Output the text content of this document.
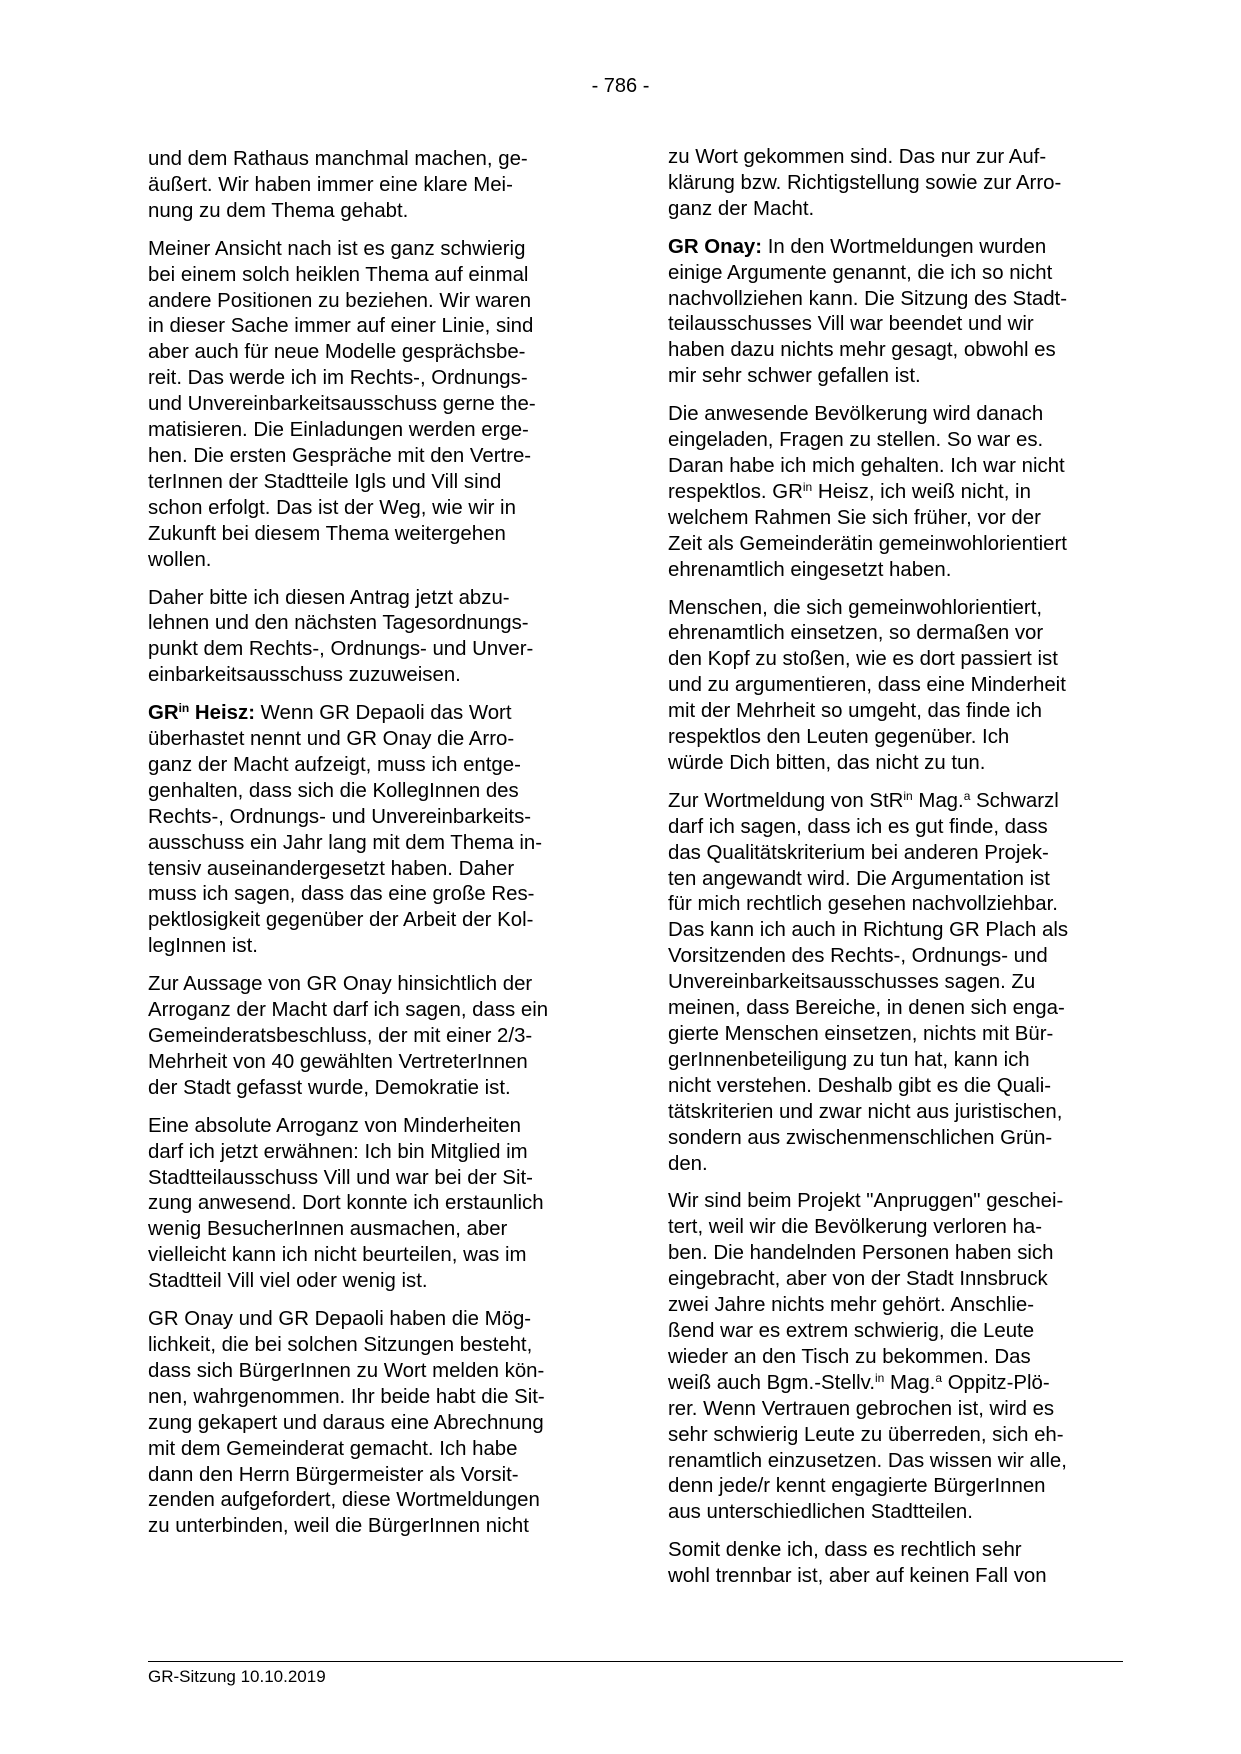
- 786 -

und dem Rathaus manchmal machen, ge-
äußert. Wir haben immer eine klare Mei-
nung zu dem Thema gehabt.

Meiner Ansicht nach ist es ganz schwierig
bei einem solch heiklen Thema auf einmal
andere Positionen zu beziehen. Wir waren
in dieser Sache immer auf einer Linie, sind
aber auch für neue Modelle gesprächsbe-
reit. Das werde ich im Rechts-, Ordnungs-
und Unvereinbarkeitsausschuss gerne the-
matisieren. Die Einladungen werden erge-
hen. Die ersten Gespräche mit den Vertre-
terInnen der Stadtteile Igls und Vill sind
schon erfolgt. Das ist der Weg, wie wir in
Zukunft bei diesem Thema weitergehen
wollen.

Daher bitte ich diesen Antrag jetzt abzu-
lehnen und den nächsten Tagesordnungs-
punkt dem Rechts-, Ordnungs- und Unver-
einbarkeitsausschuss zuzuweisen.

$GR^{in}$ Heisz: Wenn GR Depaoli das Wort
überhastet nennt und GR Onay die Arro-
ganz der Macht aufzeigt, muss ich entge-
genhalten, dass sich die KollegInnen des
Rechts-, Ordnungs- und Unvereinbarkeits-
ausschuss ein Jahr lang mit dem Thema in-
tensiv auseinandergesetzt haben. Daher
muss ich sagen, dass das eine große Res-
pektlosigkeit gegenüber der Arbeit der Kol-
legInnen ist.

Zur Aussage von GR Onay hinsichtlich der
Arroganz der Macht darf ich sagen, dass ein
Gemeinderatsbeschluss, der mit einer 2/3-
Mehrheit von 40 gewählten VertreterInnen
der Stadt gefasst wurde, Demokratie ist.

Eine absolute Arroganz von Minderheiten
darf ich jetzt erwähnen: Ich bin Mitglied im
Stadtteilausschuss Vill und war bei der Sit-
zung anwesend. Dort konnte ich erstaunlich
wenig BesucherInnen ausmachen, aber
vielleicht kann ich nicht beurteilen, was im
Stadtteil Vill viel oder wenig ist.

GR Onay und GR Depaoli haben die Mög-
lichkeit, die bei solchen Sitzungen besteht,
dass sich BürgerInnen zu Wort melden kön-
nen, wahrgenommen. Ihr beide habt die Sit-
zung gekapert und daraus eine Abrechnung
mit dem Gemeinderat gemacht. Ich habe
dann den Herrn Bürgermeister als Vorsit-
zenden aufgefordert, diese Wortmeldungen
zu unterbinden, weil die BürgerInnen nicht

zu Wort gekommen sind. Das nur zur Auf-
klärung bzw. Richtigstellung sowie zur Arro-
ganz der Macht.

GR Onay: In den Wortmeldungen wurden
einige Argumente genannt, die ich so nicht
nachvollziehen kann. Die Sitzung des Stadt-
teilausschusses Vill war beendet und wir
haben dazu nichts mehr gesagt, obwohl es
mir sehr schwer gefallen ist.

Die anwesende Bevölkerung wird danach
eingeladen, Fragen zu stellen. So war es.
Daran habe ich mich gehalten. Ich war nicht
respektlos. $GR^{in}$ Heisz, ich weiß nicht, in
welchem Rahmen Sie sich früher, vor der
Zeit als Gemeinderätin gemeinwohlorientiert
ehrenamtlich eingesetzt haben.

Menschen, die sich gemeinwohlorientiert,
ehrenamtlich einsetzen, so dermaßen vor
den Kopf zu stoßen, wie es dort passiert ist
und zu argumentieren, dass eine Minderheit
mit der Mehrheit so umgeht, das finde ich
respektlos den Leuten gegenüber. Ich
würde Dich bitten, das nicht zu tun.

Zur Wortmeldung von StR$^{in}$ Mag.$^a$ Schwarzl
darf ich sagen, dass ich es gut finde, dass
das Qualitätskriterium bei anderen Projek-
ten angewandt wird. Die Argumentation ist
für mich rechtlich gesehen nachvollziehbar.
Das kann ich auch in Richtung GR Plach als
Vorsitzenden des Rechts-, Ordnungs- und
Unvereinbarkeitsausschusses sagen. Zu
meinen, dass Bereiche, in denen sich enga-
gierte Menschen einsetzen, nichts mit Bür-
gerInnenbeteiligung zu tun hat, kann ich
nicht verstehen. Deshalb gibt es die Quali-
tätskriterien und zwar nicht aus juristischen,
sondern aus zwischenmenschlichen Grün-
den.

Wir sind beim Projekt "Anpruggen" geschei-
tert, weil wir die Bevölkerung verloren ha-
ben. Die handelnden Personen haben sich
eingebracht, aber von der Stadt Innsbruck
zwei Jahre nichts mehr gehört. Anschlie-
ßend war es extrem schwierig, die Leute
wieder an den Tisch zu bekommen. Das
weiß auch Bgm.-Stellv.$^{in}$ Mag.$^a$ Oppitz-Plö-
rer. Wenn Vertrauen gebrochen ist, wird es
sehr schwierig Leute zu überreden, sich eh-
renamtlich einzusetzen. Das wissen wir alle,
denn jede/r kennt engagierte BürgerInnen
aus unterschiedlichen Stadtteilen.

Somit denke ich, dass es rechtlich sehr
wohl trennbar ist, aber auf keinen Fall von

GR-Sitzung 10.10.2019
